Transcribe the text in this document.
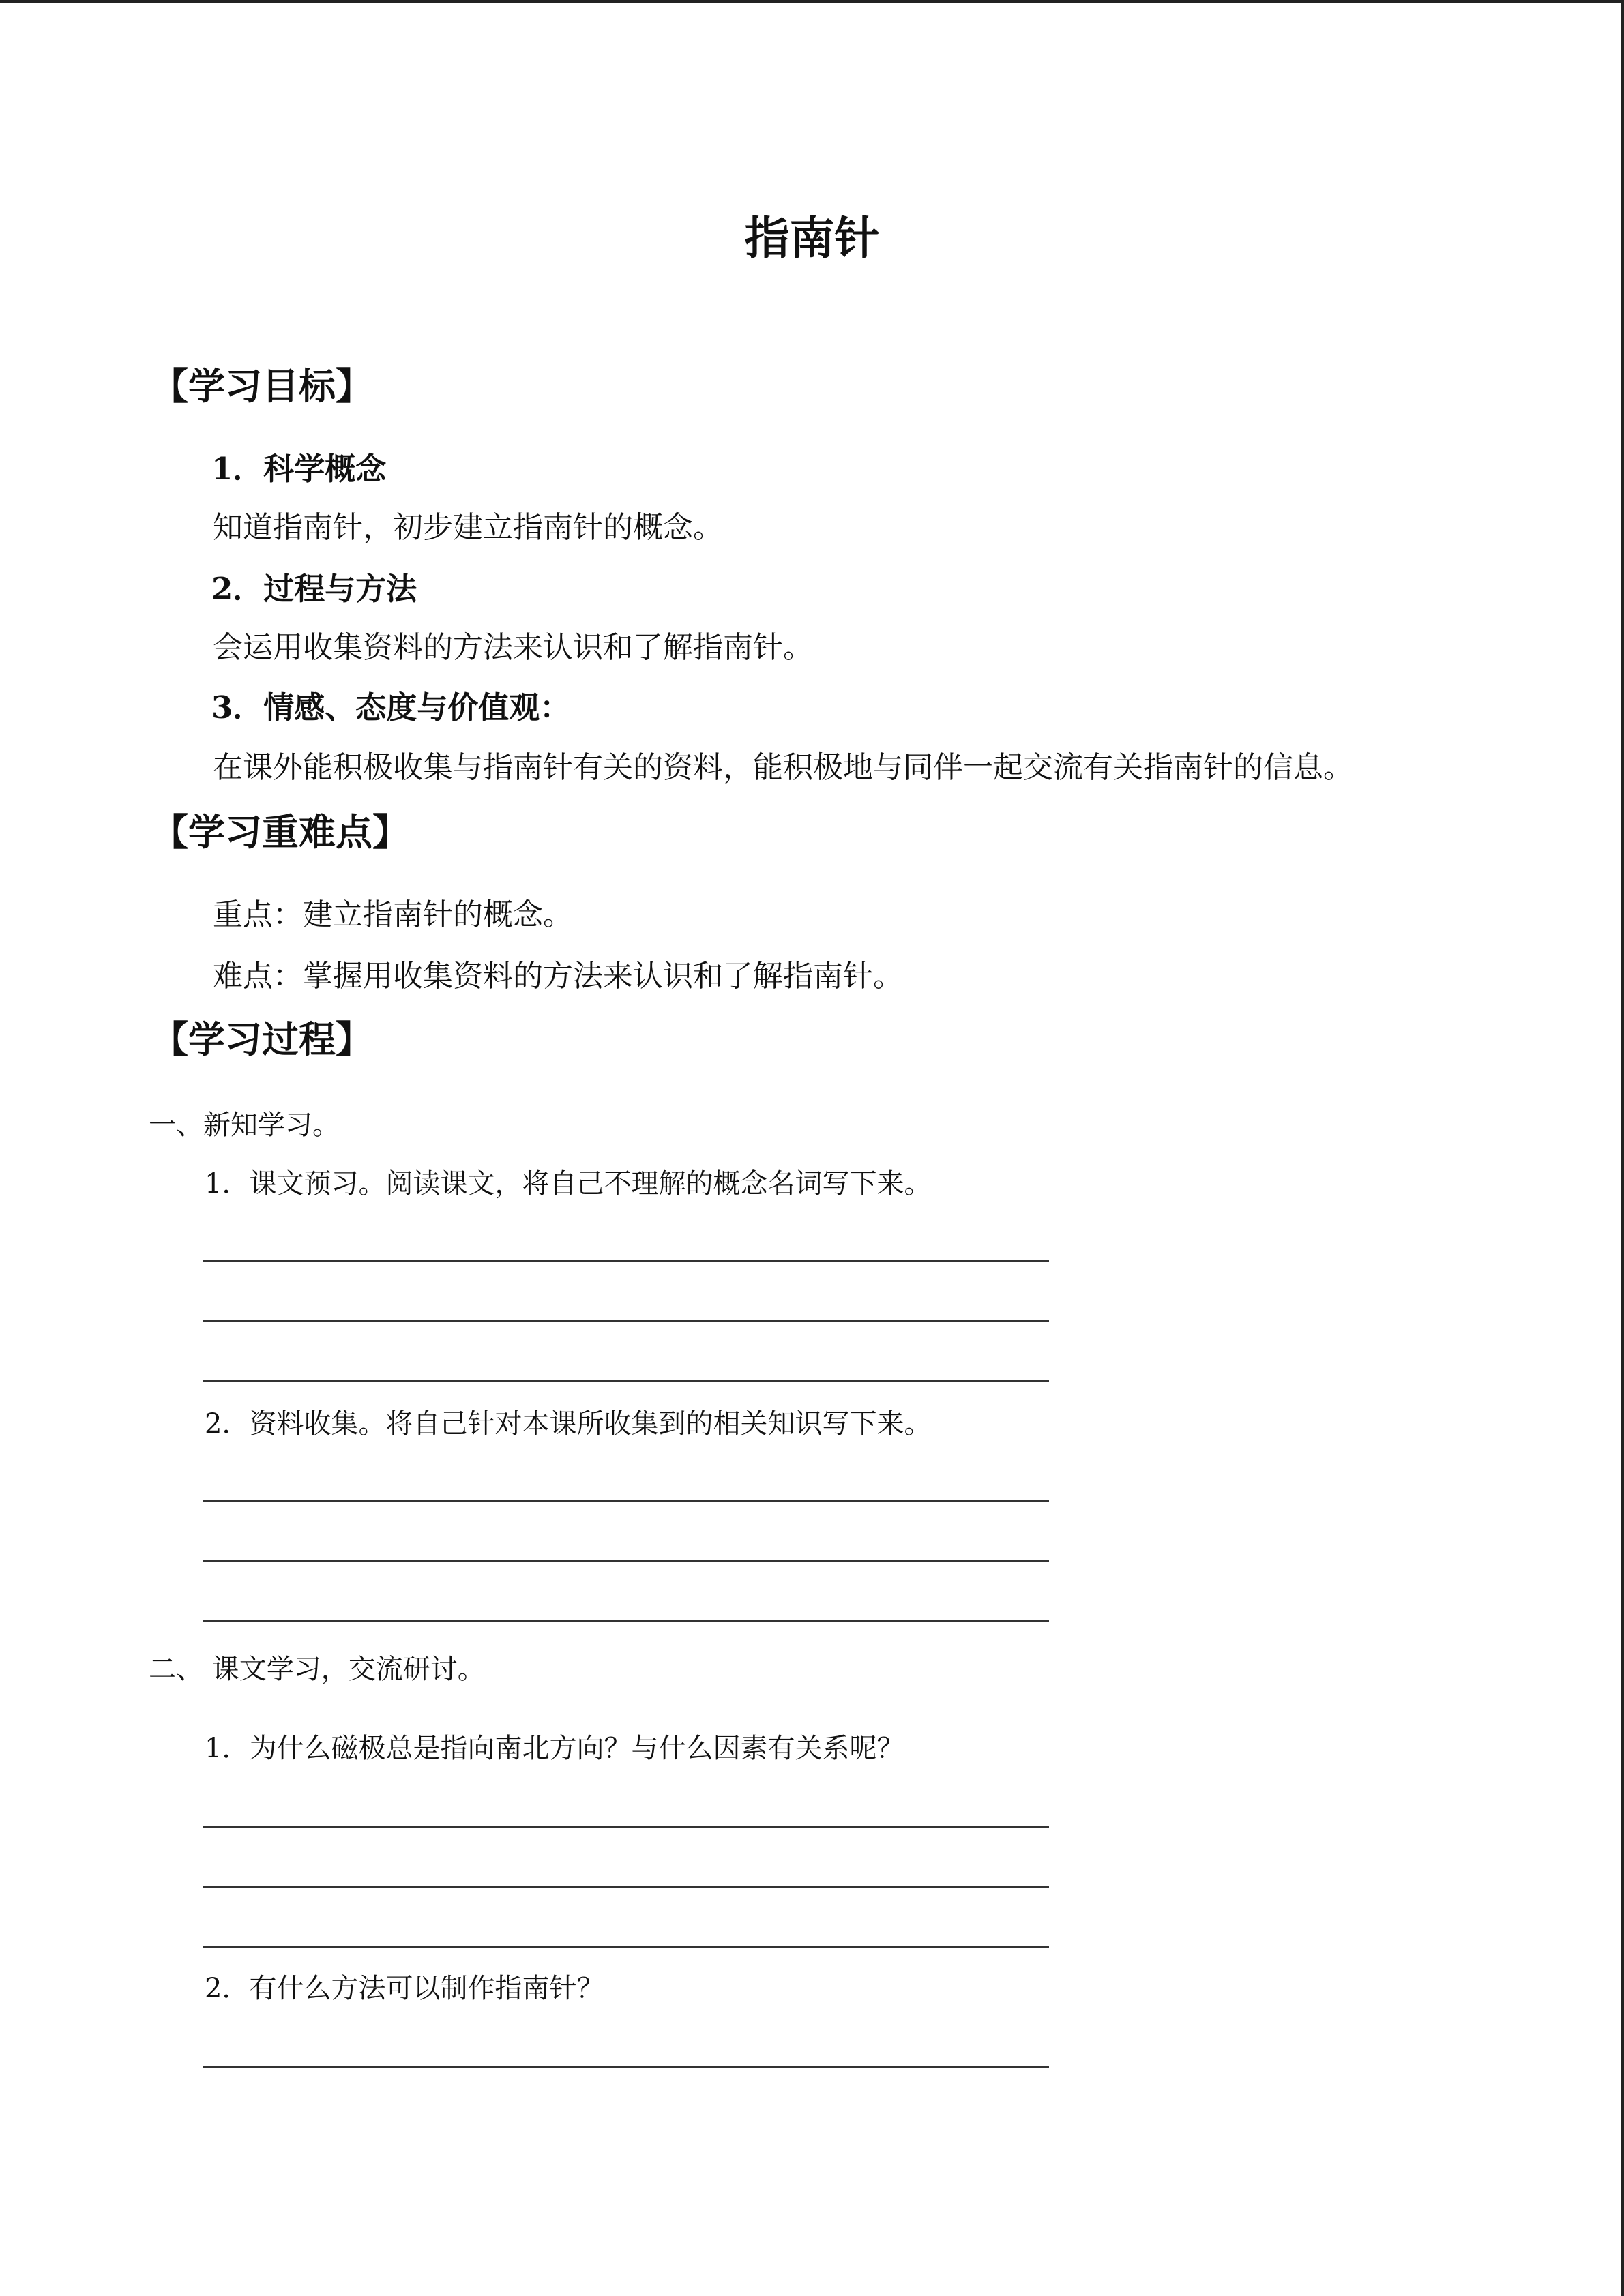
指南针
【学习目标】
1．科学概念
知道指南针，初步建立指南针的概念。
2．过程与方法
会运用收集资料的方法来认识和了解指南针。
3．情感、态度与价值观：
在课外能积极收集与指南针有关的资料，能积极地与同伴一起交流有关指南针的信息。
【学习重难点】
重点：建立指南针的概念。
难点：掌握用收集资料的方法来认识和了解指南针。
【学习过程】
一、新知学习。
1．课文预习。阅读课文，将自己不理解的概念名词写下来。
2．资料收集。将自己针对本课所收集到的相关知识写下来。
二、 课文学习，交流研讨。
1．为什么磁极总是指向南北方向？与什么因素有关系呢？
2．有什么方法可以制作指南针？
